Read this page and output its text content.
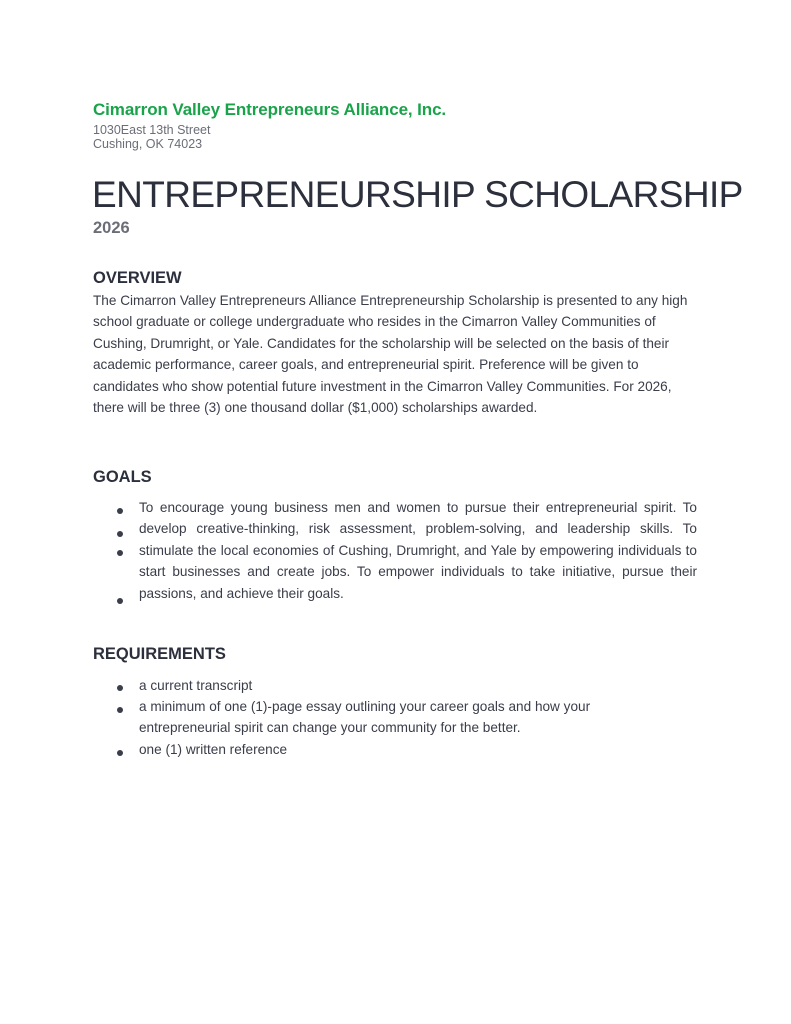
Cimarron Valley Entrepreneurs Alliance, Inc.
1030East 13th Street
Cushing, OK 74023
ENTREPRENEURSHIP SCHOLARSHIP
2026
OVERVIEW
The Cimarron Valley Entrepreneurs Alliance Entrepreneurship Scholarship is presented to any high school graduate or college undergraduate who resides in the Cimarron Valley Communities of Cushing, Drumright, or Yale. Candidates for the scholarship will be selected on the basis of their academic performance, career goals, and entrepreneurial spirit. Preference will be given to candidates who show potential future investment in the Cimarron Valley Communities. For 2026, there will be three (3) one thousand dollar ($1,000) scholarships awarded.
GOALS
To encourage young business men and women to pursue their entrepreneurial spirit. To develop creative-thinking, risk assessment, problem-solving, and leadership skills. To stimulate the local economies of Cushing, Drumright, and Yale by empowering individuals to start businesses and create jobs. To empower individuals to take initiative, pursue their passions, and achieve their goals.
REQUIREMENTS
a current transcript
a minimum of one (1)-page essay outlining your career goals and how your entrepreneurial spirit can change your community for the better.
one (1) written reference
